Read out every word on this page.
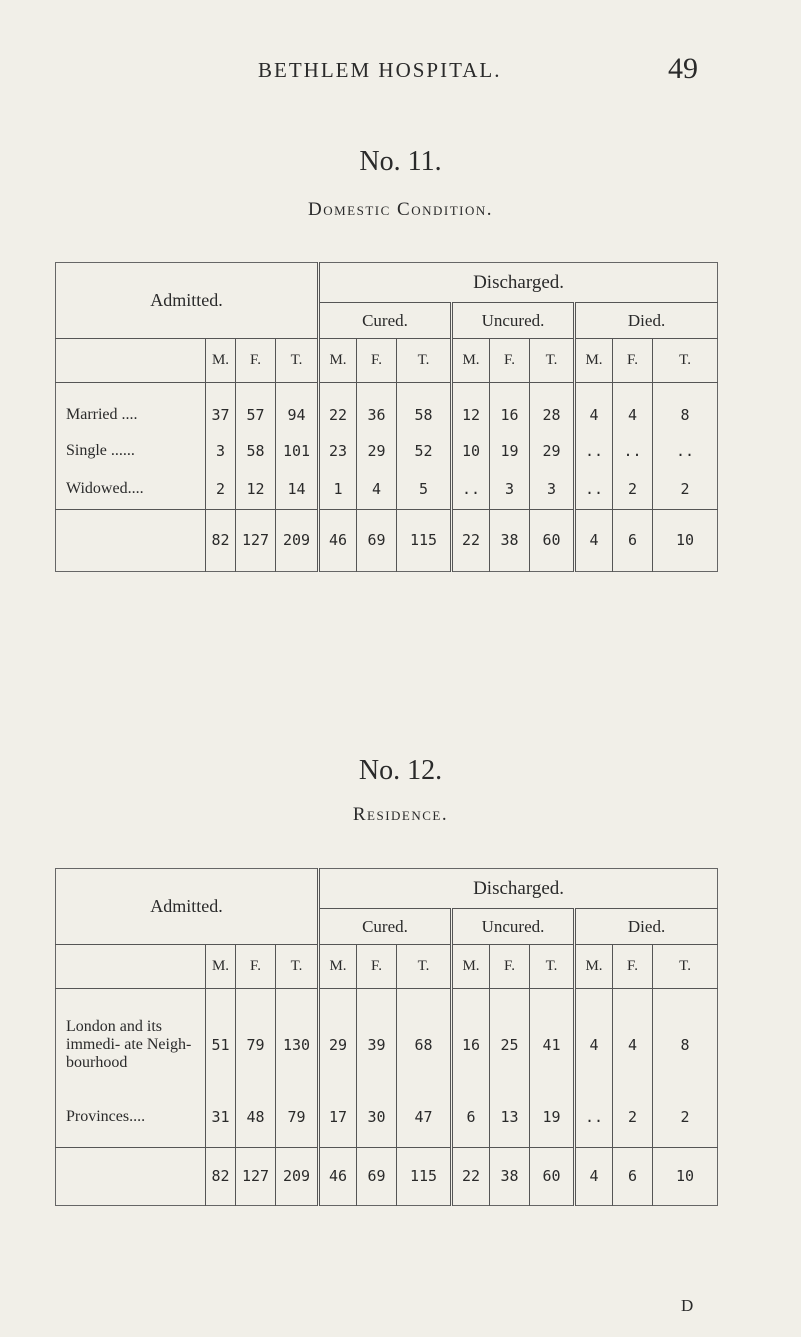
BETHLEM HOSPITAL.	49
No. 11.
Domestic Condition.
Admitted.				Discharged.								
				Cured.			Uncured.			Died.		
	M.	F.	T.	M.	F.	T.	M.	F.	T.	M.	F.	T.

Married ....	37	57	94	22	36	58	12	16	28	4	4	8
Single ......	3	58	101	23	29	52	10	19	29	..	..	..
Widowed....	2	12	14	1	4	5	..	3	3	..	2	2
	82	127	209	46	69	115	22	38	60	4	6	10
No. 12.
Residence.
Admitted.				Discharged.								
				Cured.			Uncured.			Died.		
	M.	F.	T.	M.	F.	T.	M.	F.	T.	M.	F.	T.

London and its immedi- ate Neigh- bourhood	51	79	130	29	39	68	16	25	41	4	4	8
Provinces....	31	48	79	17	30	47	6	13	19	..	2	2
	82	127	209	46	69	115	22	38	60	4	6	10
D
